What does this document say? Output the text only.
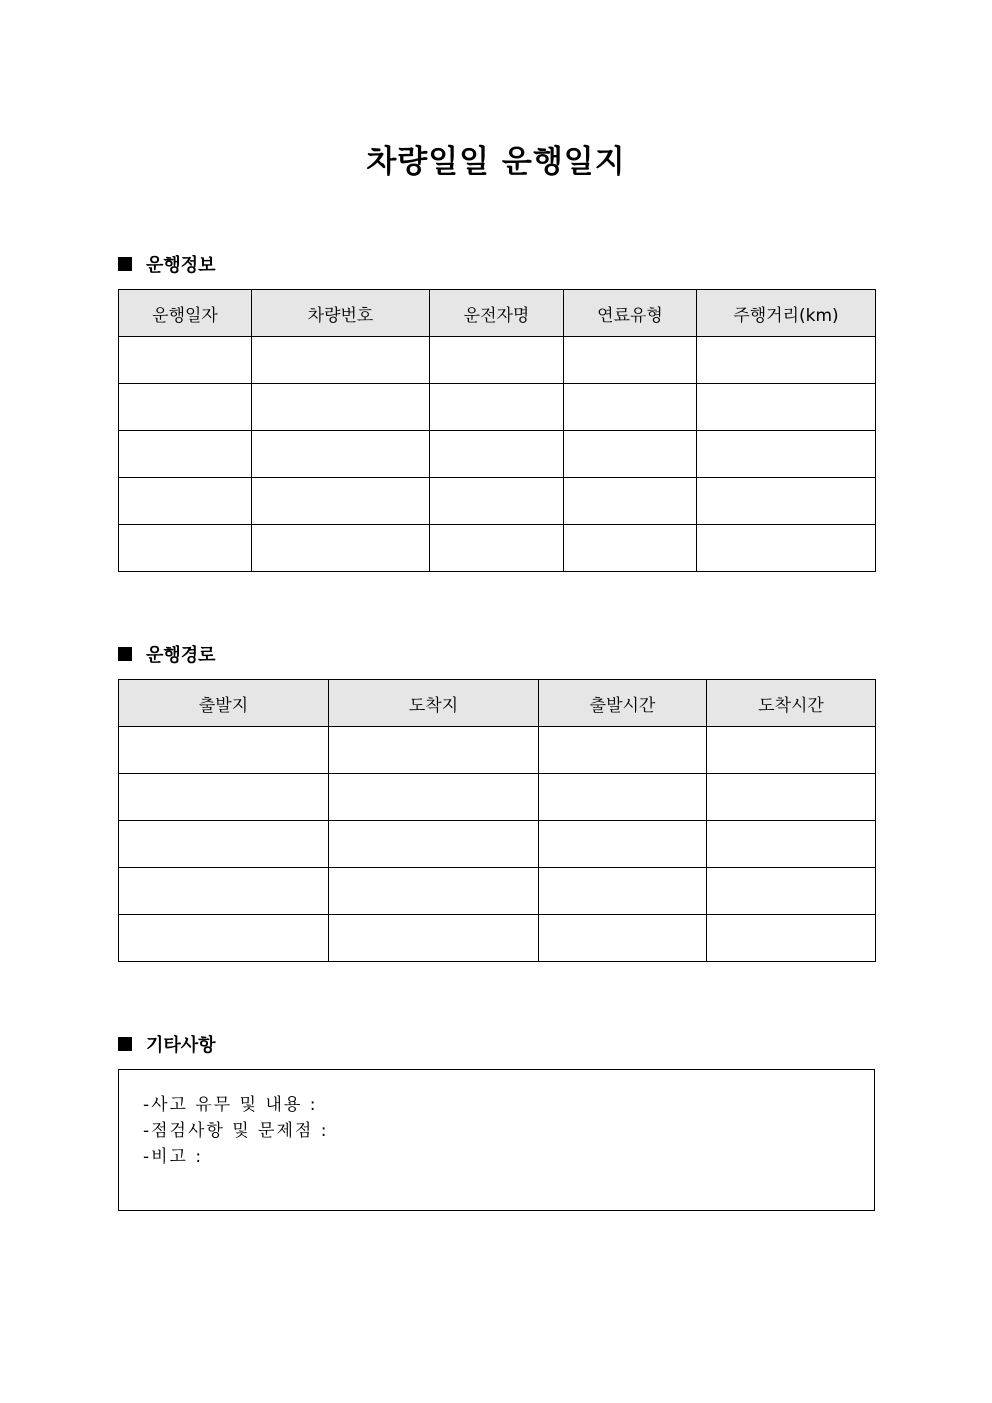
차량일일 운행일지
운행정보
운행일자	차량번호	운전자명	연료유형	주행거리(km)

운행경로
출발지	도착지	출발시간	도착시간

기타사항
-사고 유무 및 내용 :
-점검사항 및 문제점 :
-비고 :
